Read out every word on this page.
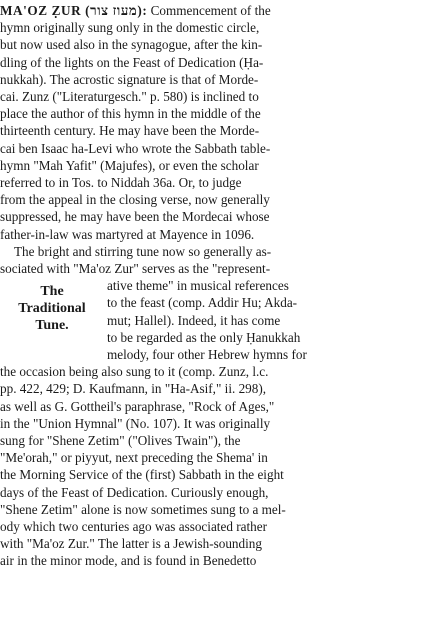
MA'OZ ẒUR (מעוז צור): Commencement of the
hymn originally sung only in the domestic circle,
but now used also in the synagogue, after the kin-
dling of the lights on the Feast of Dedication (Ḥa-
nukkah). The acrostic signature is that of Morde-
cai. Zunz ("Literaturgesch." p. 580) is inclined to
place the author of this hymn in the middle of the
thirteenth century. He may have been the Morde-
cai ben Isaac ha-Levi who wrote the Sabbath table-
hymn "Mah Yafit" (Majufes), or even the scholar
referred to in Tos. to Niddah 36a. Or, to judge
from the appeal in the closing verse, now generally
suppressed, he may have been the Mordecai whose
father-in-law was martyred at Mayence in 1096.
The bright and stirring tune now so generally as-
sociated with "Ma'oz Zur" serves as the "represent-
The
Traditional
Tune.
ative theme" in musical references
to the feast (comp. Addir Hu; Akda-
mut; Hallel). Indeed, it has come
to be regarded as the only Ḥanukkah
melody, four other Hebrew hymns for
the occasion being also sung to it (comp. Zunz, l.c.
pp. 422, 429; D. Kaufmann, in "Ha-Asif," ii. 298),
as well as G. Gottheil's paraphrase, "Rock of Ages,"
in the "Union Hymnal" (No. 107). It was originally
sung for "Shene Zetim" ("Olives Twain"), the
"Me'orah," or piyyut, next preceding the Shema' in
the Morning Service of the (first) Sabbath in the eight
days of the Feast of Dedication. Curiously enough,
"Shene Zetim" alone is now sometimes sung to a mel-
ody which two centuries ago was associated rather
with "Ma'oz Zur." The latter is a Jewish-sounding
air in the minor mode, and is found in Benedetto
